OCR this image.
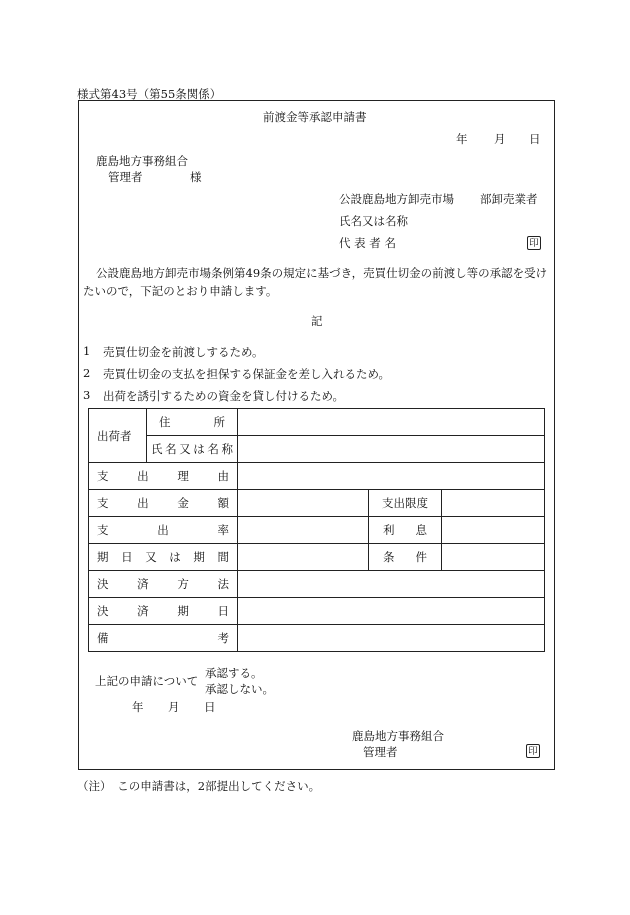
様式第43号（第55条関係）
前渡金等承認申請書
年 月 日
鹿島地方事務組合
管理者	様
公設鹿島地方卸売市場 部卸売業者
氏名又は名称
代 表 者 名	印
公設鹿島地方卸売市場条例第49条の規定に基づき，売買仕切金の前渡し等の承認を受け
たいので，下記のとおり申請します。
記
1 売買仕切金を前渡しするため。
2 売買仕切金の支払を担保する保証金を差し入れるため。
3 出荷を誘引するための資金を貸し付けるため。
出荷者	住所			
	氏名又は名称			
支出理由				
支出金額			支出限度	
支出率			利息	
期日又は期間			条件	
決済方法				
決済期日				
備考				
上記の申請について
承認する。
承認しない。
年 月 日
鹿島地方事務組合
管理者	印
（注）　この申請書は，2部提出してください。
